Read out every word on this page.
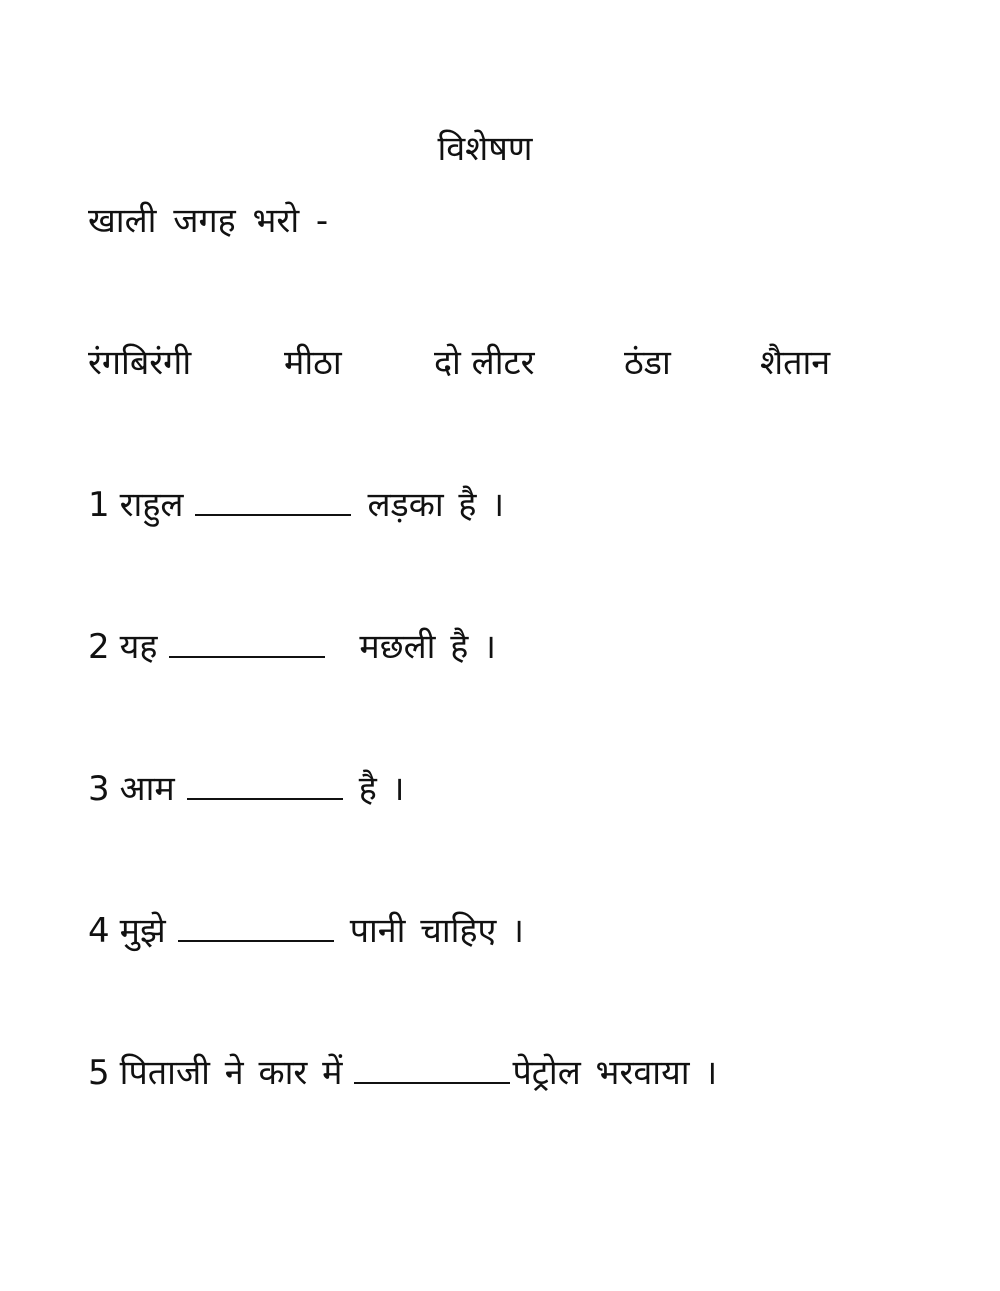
विशेषण
खाली जगह भरो -
रंगबिरंगी	मीठा	दो लीटर	ठंडा	शैतान
1 राहुल	लड़का है ।
2 यह	मछली है ।
3 आम	है ।
4 मुझे	पानी चाहिए ।
5 पिताजी ने कार में	पेट्रोल भरवाया ।
